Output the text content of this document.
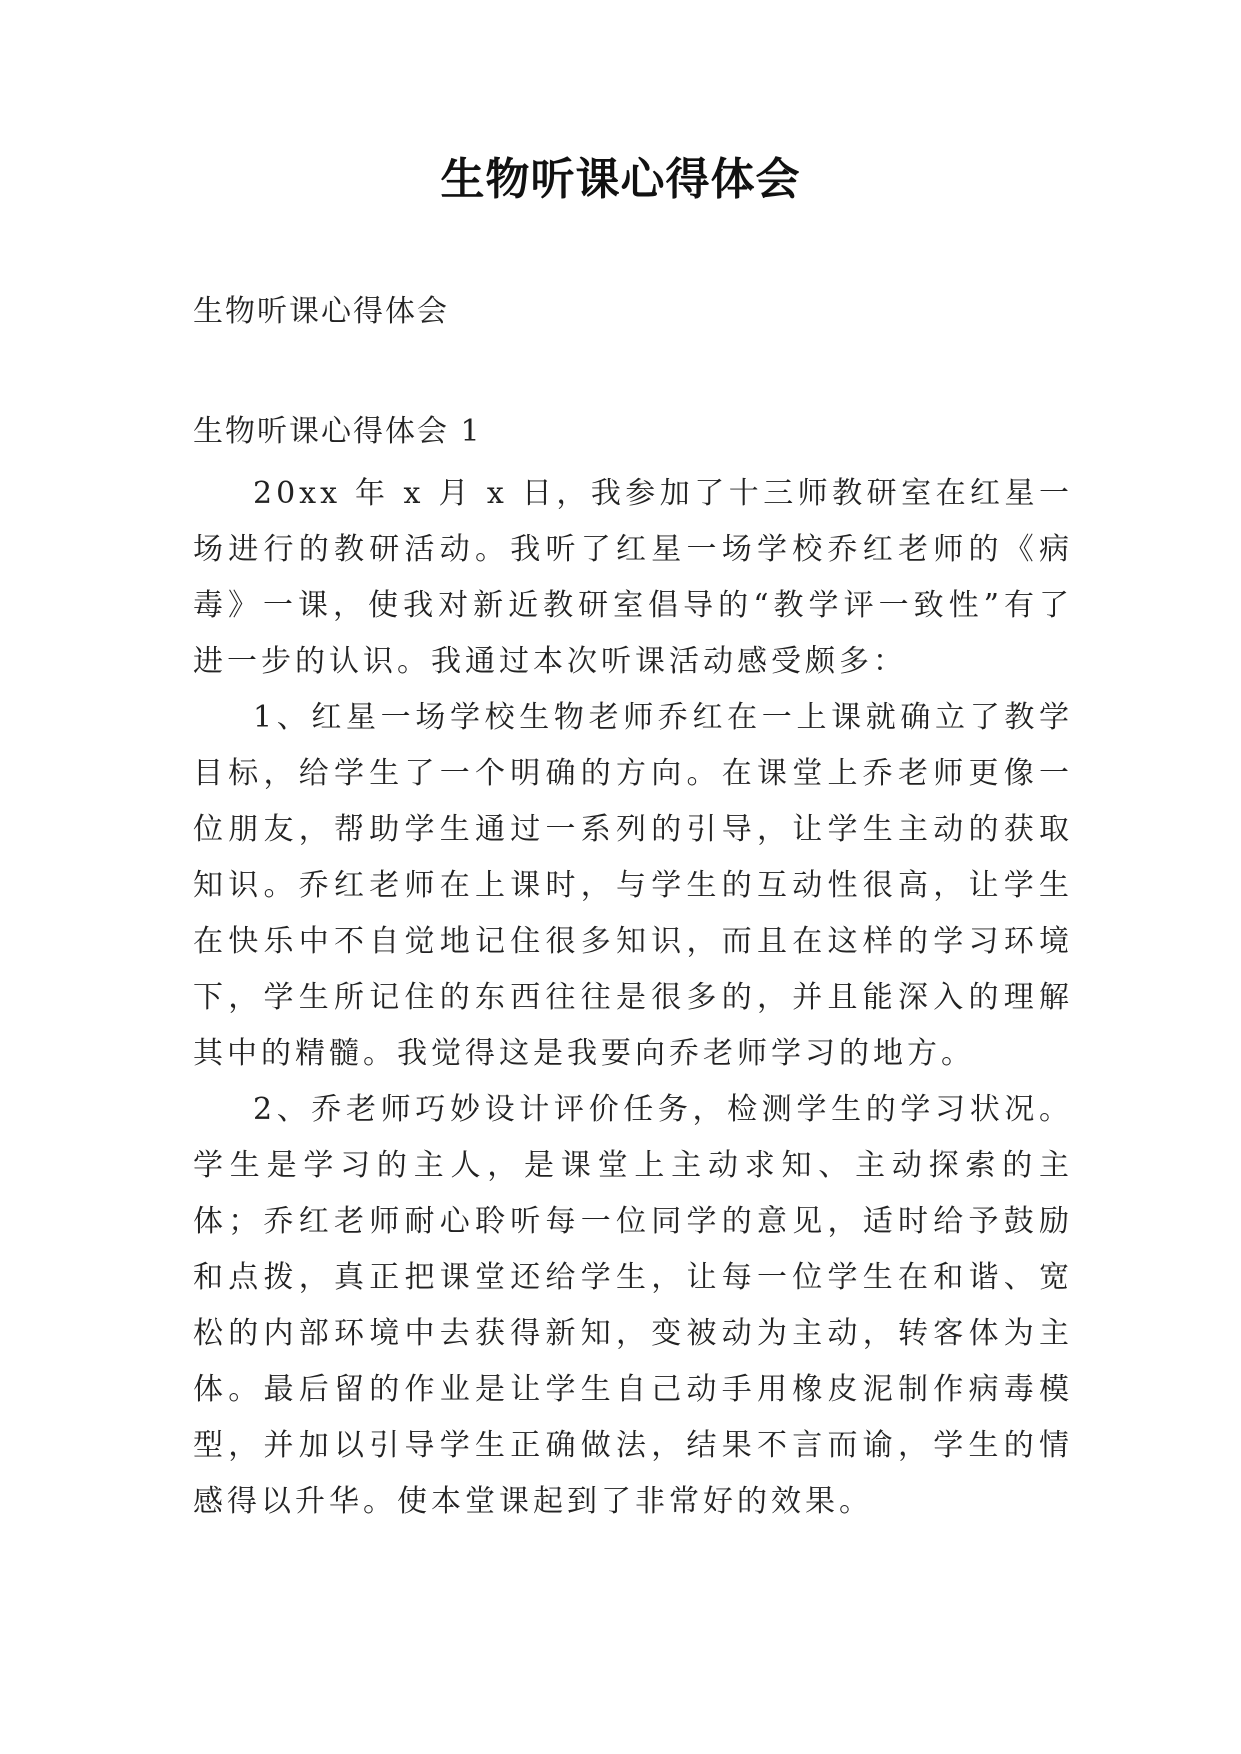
生物听课心得体会
生物听课心得体会
生物听课心得体会 1

20xx 年 x 月 x 日，我参加了十三师教研室在红星一场进行的教研活动。我听了红星一场学校乔红老师的《病毒》一课，使我对新近教研室倡导的“教学评一致性”有了进一步的认识。我通过本次听课活动感受颇多：

1、红星一场学校生物老师乔红在一上课就确立了教学目标，给学生了一个明确的方向。在课堂上乔老师更像一位朋友，帮助学生通过一系列的引导，让学生主动的获取知识。乔红老师在上课时，与学生的互动性很高，让学生在快乐中不自觉地记住很多知识，而且在这样的学习环境下，学生所记住的东西往往是很多的，并且能深入的理解其中的精髓。我觉得这是我要向乔老师学习的地方。

2、乔老师巧妙设计评价任务，检测学生的学习状况。学生是学习的主人，是课堂上主动求知、主动探索的主体；乔红老师耐心聆听每一位同学的意见，适时给予鼓励和点拨，真正把课堂还给学生，让每一位学生在和谐、宽松的内部环境中去获得新知，变被动为主动，转客体为主体。最后留的作业是让学生自己动手用橡皮泥制作病毒模型，并加以引导学生正确做法，结果不言而谕，学生的情感得以升华。使本堂课起到了非常好的效果。
